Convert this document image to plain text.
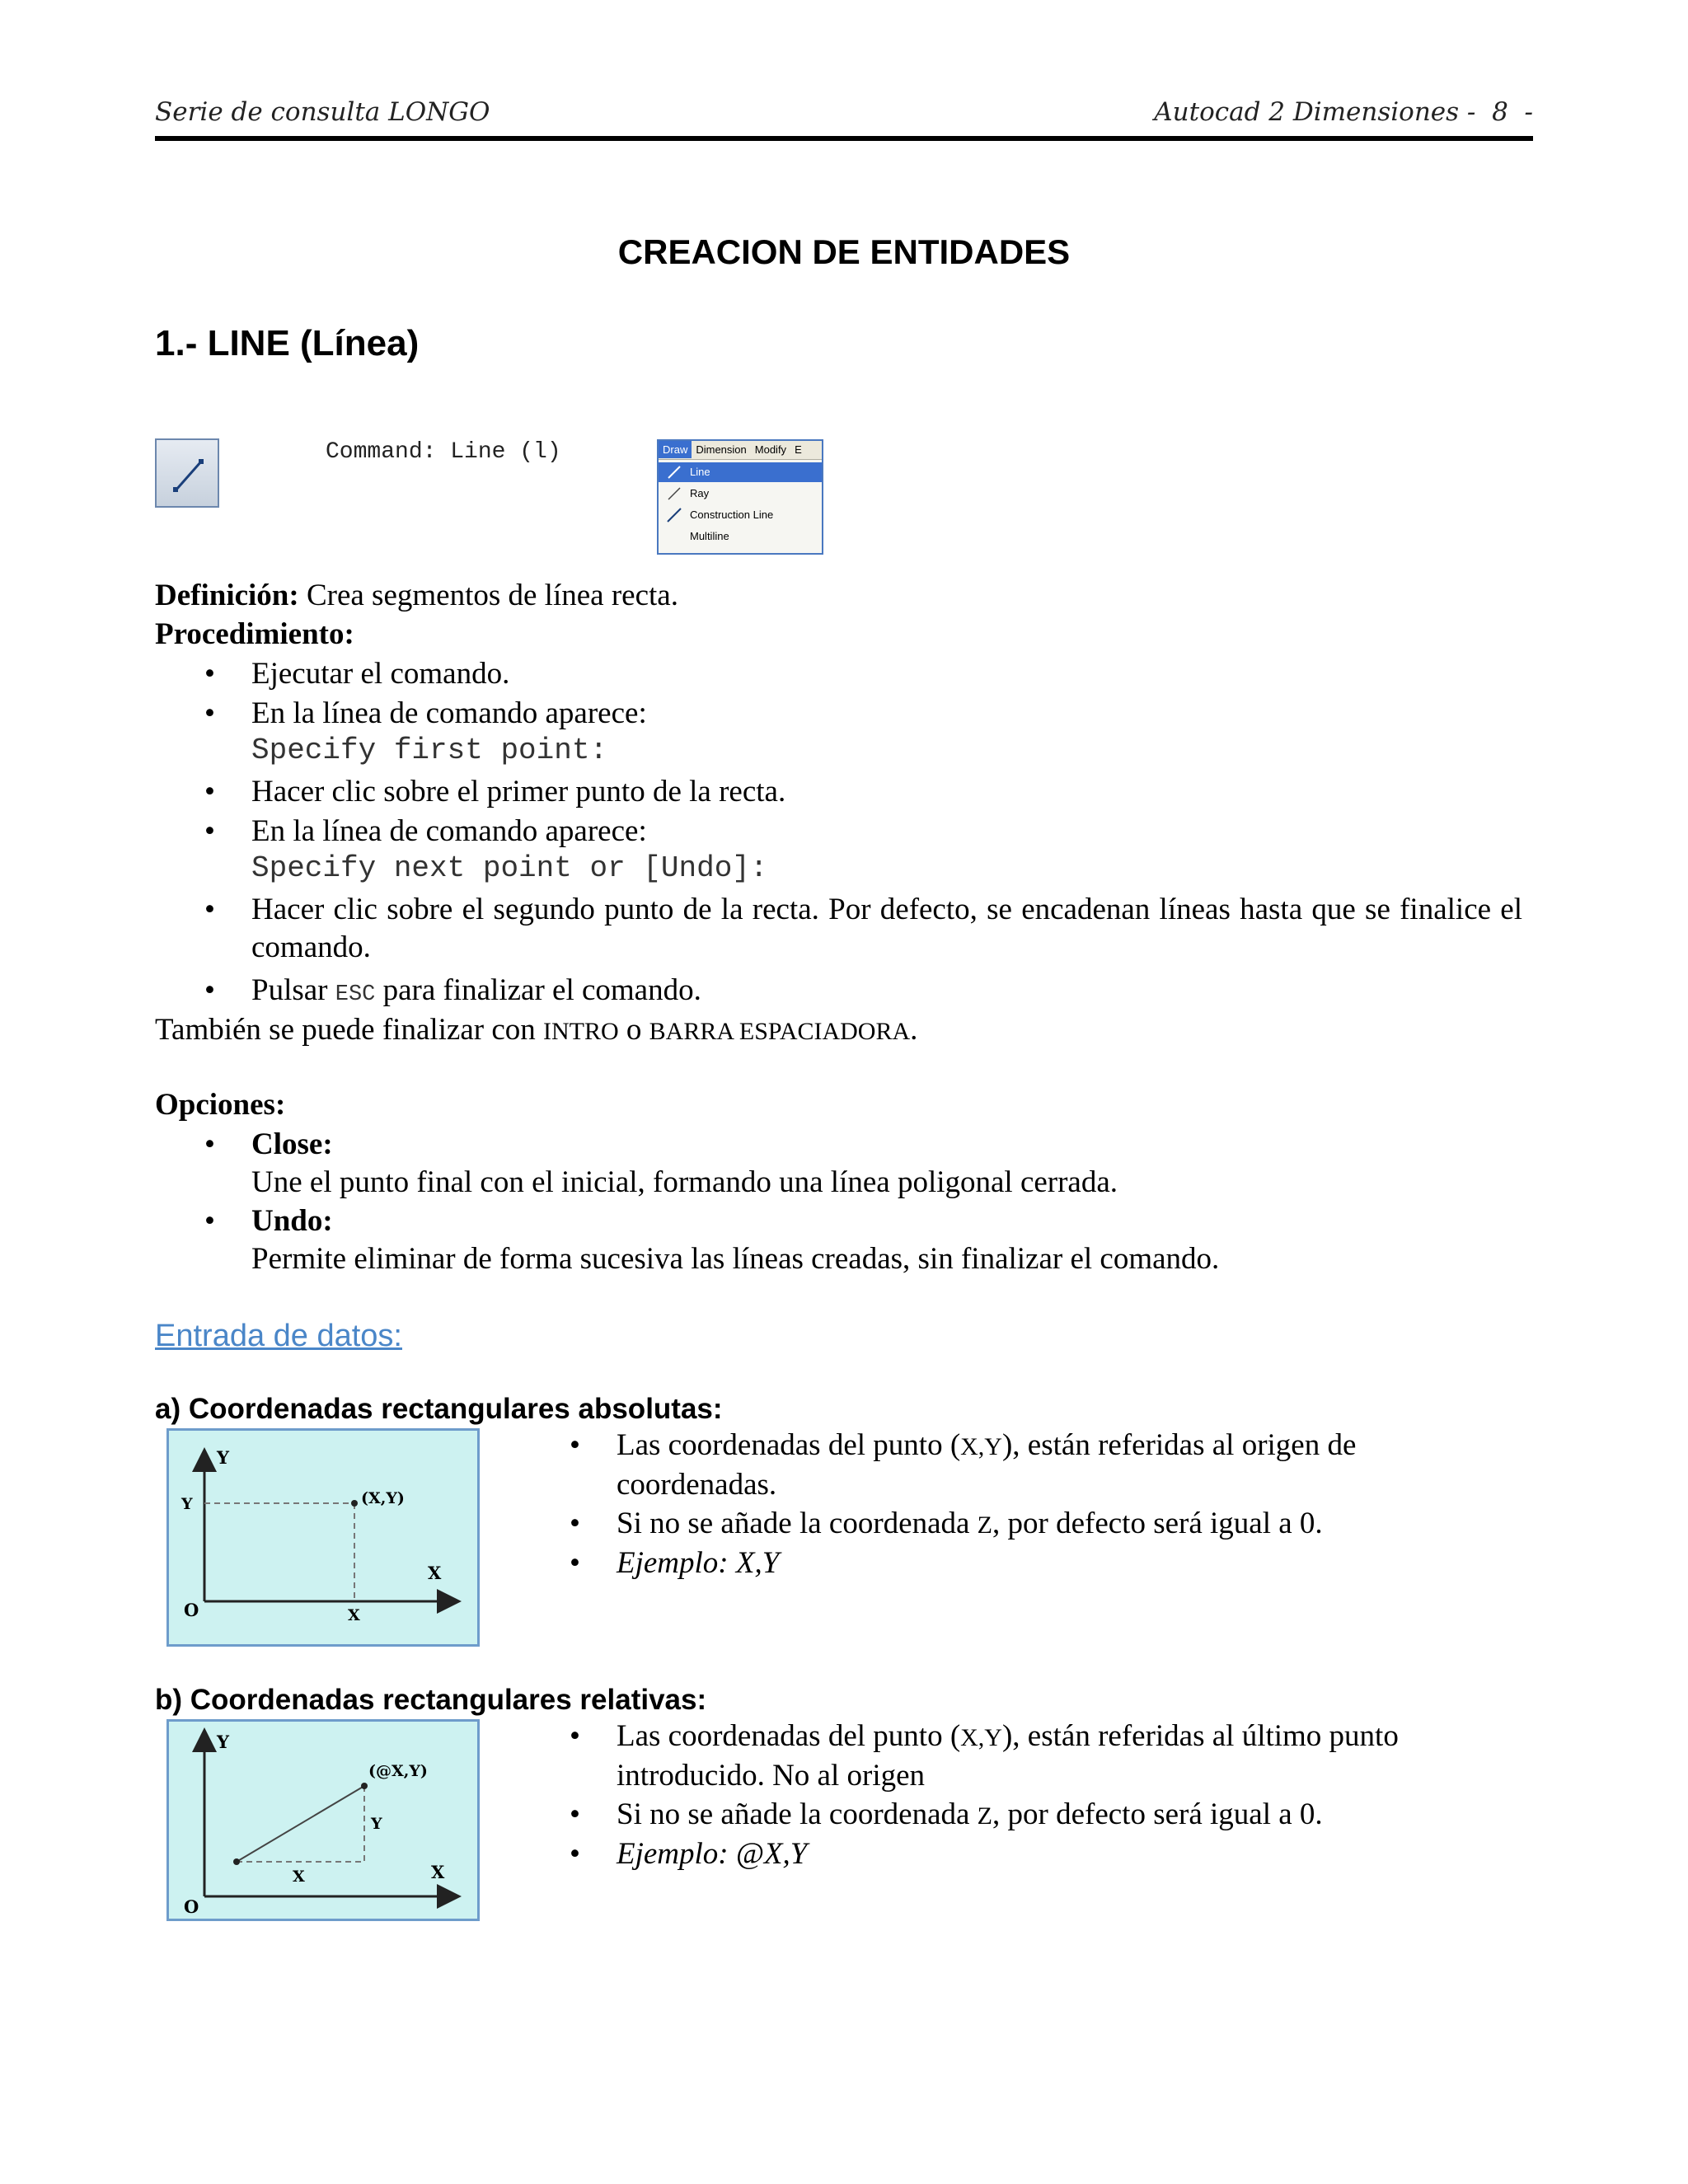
Serie de consulta LONGO	Autocad 2 Dimensiones -  8  -
CREACION DE ENTIDADES
1.- LINE (Línea)
Command: Line (l)	Draw Dimension Modify E
Line
Ray
Construction Line
Multiline
Definición: Crea segmentos de línea recta.
Procedimiento:
• Ejecutar el comando.
• En la línea de comando aparece:
Specify first point:
• Hacer clic sobre el primer punto de la recta.
• En la línea de comando aparece:
Specify next point or [Undo]:
• Hacer clic sobre el segundo punto de la recta. Por defecto, se encadenan líneas hasta que se finalice el comando.
• Pulsar ESC para finalizar el comando.
También se puede finalizar con INTRO o BARRA ESPACIADORA.
Opciones:
• Close:
Une el punto final con el inicial, formando una línea poligonal cerrada.
• Undo:
Permite eliminar de forma sucesiva las líneas creadas, sin finalizar el comando.
Entrada de datos:
a) Coordenadas rectangulares absolutas:
Y
X
O
Y
X
(X,Y)
• Las coordenadas del punto (X,Y), están referidas al origen de coordenadas.
• Si no se añade la coordenada Z, por defecto será igual a 0.
• Ejemplo: X,Y
b) Coordenadas rectangulares relativas:
Y
X
O
Y
X
(@X,Y)
• Las coordenadas del punto (X,Y), están referidas al último punto introducido. No al origen
• Si no se añade la coordenada Z, por defecto será igual a 0.
• Ejemplo: @X,Y
